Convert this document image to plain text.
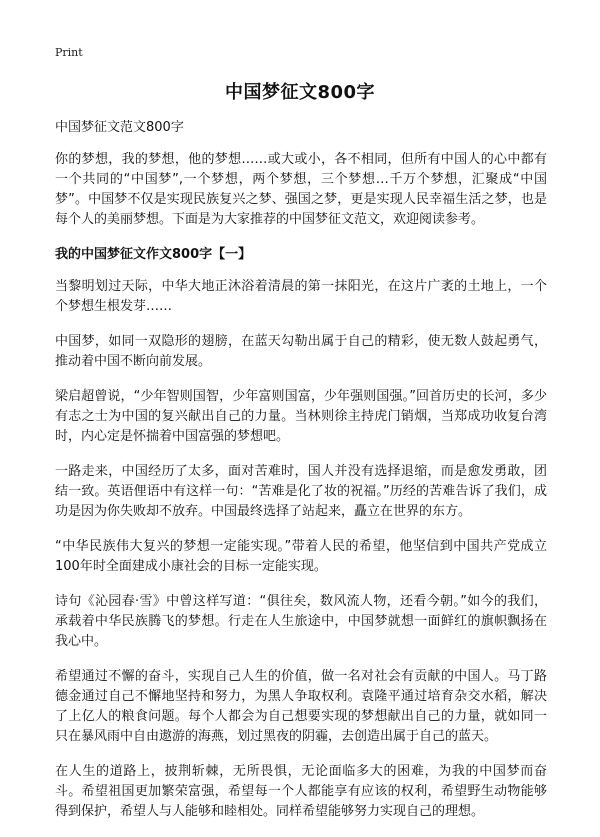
Print
中国梦征文800字

中国梦征文范文800字

你的梦想，我的梦想，他的梦想……或大或小，各不相同，但所有中国人的心中都有一个共同的“中国梦”,一个梦想，两个梦想，三个梦想…千万个梦想，汇聚成“中国梦”。中国梦不仅是实现民族复兴之梦、强国之梦，更是实现人民幸福生活之梦，也是每个人的美丽梦想。下面是为大家推荐的中国梦征文范文，欢迎阅读参考。

我的中国梦征文作文800字【一】

当黎明划过天际，中华大地正沐浴着清晨的第一抹阳光，在这片广袤的土地上，一个个梦想生根发芽……

中国梦，如同一双隐形的翅膀，在蓝天勾勒出属于自己的精彩，使无数人鼓起勇气，推动着中国不断向前发展。

梁启超曾说，“少年智则国智，少年富则国富，少年强则国强。”回首历史的长河，多少有志之士为中国的复兴献出自己的力量。当林则徐主持虎门销烟，当郑成功收复台湾时，内心定是怀揣着中国富强的梦想吧。

一路走来，中国经历了太多，面对苦难时，国人并没有选择退缩，而是愈发勇敢，团结一致。英语俚语中有这样一句：“苦难是化了妆的祝福。”历经的苦难告诉了我们，成功是因为你失败却不放弃。中国最终选择了站起来，矗立在世界的东方。

“中华民族伟大复兴的梦想一定能实现。”带着人民的希望，他坚信到中国共产党成立100年时全面建成小康社会的目标一定能实现。

诗句《沁园春·雪》中曾这样写道：“俱往矣，数风流人物，还看今朝。”如今的我们，承载着中华民族腾飞的梦想。行走在人生旅途中，中国梦就想一面鲜红的旗帜飘扬在我心中。

希望通过不懈的奋斗，实现自己人生的价值，做一名对社会有贡献的中国人。马丁路德金通过自己不懈地坚持和努力，为黑人争取权利。袁隆平通过培育杂交水稻，解决了上亿人的粮食问题。每个人都会为自己想要实现的梦想献出自己的力量，就如同一只在暴风雨中自由遨游的海燕，划过黑夜的阴霾，去创造出属于自己的蓝天。

在人生的道路上，披荆斩棘，无所畏惧，无论面临多大的困难，为我的中国梦而奋斗。希望祖国更加繁荣富强，希望每一个人都能享有应该的权利，希望野生动物能够得到保护，希望人与人能够和睦相处。同样希望能够努力实现自己的理想。
